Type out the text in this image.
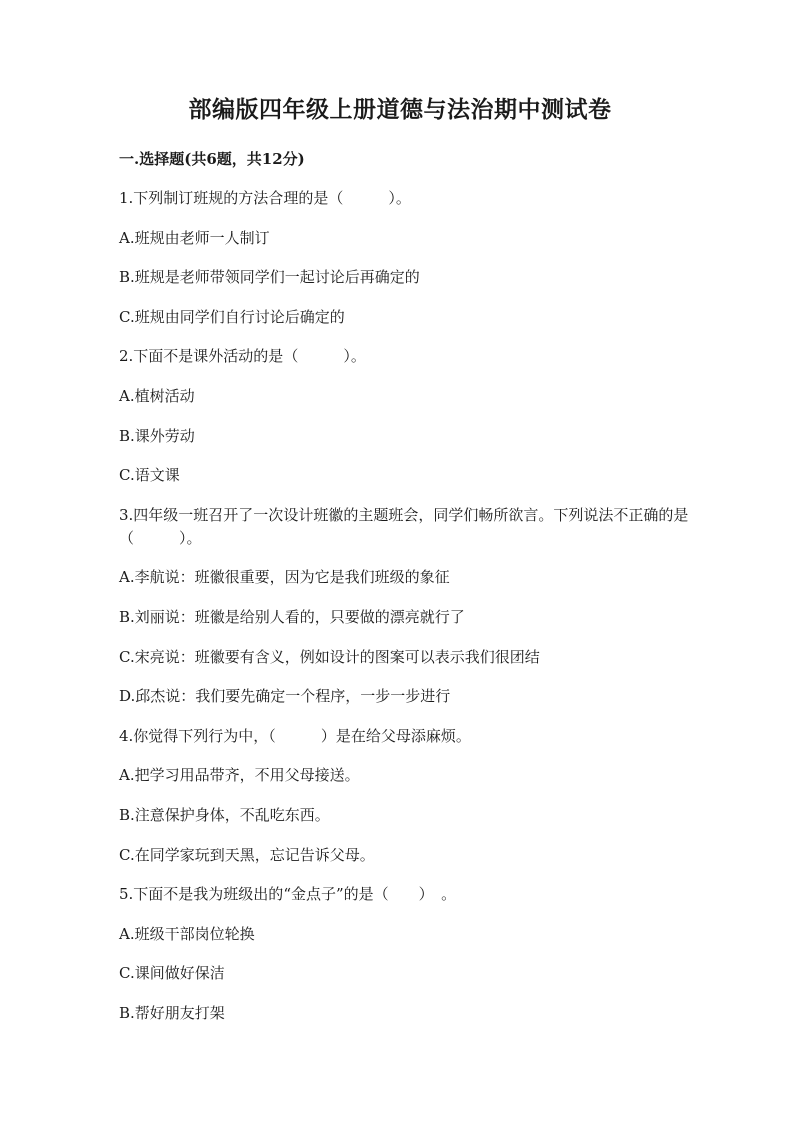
部编版四年级上册道德与法治期中测试卷
一.选择题(共6题，共12分)
1.下列制订班规的方法合理的是（　　　）。
A.班规由老师一人制订
B.班规是老师带领同学们一起讨论后再确定的
C.班规由同学们自行讨论后确定的
2.下面不是课外活动的是（　　　）。
A.植树活动
B.课外劳动
C.语文课
3.四年级一班召开了一次设计班徽的主题班会，同学们畅所欲言。下列说法不正确的是（　　　）。
A.李航说：班徽很重要，因为它是我们班级的象征
B.刘丽说：班徽是给别人看的，只要做的漂亮就行了
C.宋亮说：班徽要有含义，例如设计的图案可以表示我们很团结
D.邱杰说：我们要先确定一个程序，一步一步进行
4.你觉得下列行为中，（　　　）是在给父母添麻烦。
A.把学习用品带齐，不用父母接送。
B.注意保护身体，不乱吃东西。
C.在同学家玩到天黑，忘记告诉父母。
5.下面不是我为班级出的“金点子”的是（　　）　。
A.班级干部岗位轮换
C.课间做好保洁
B.帮好朋友打架
